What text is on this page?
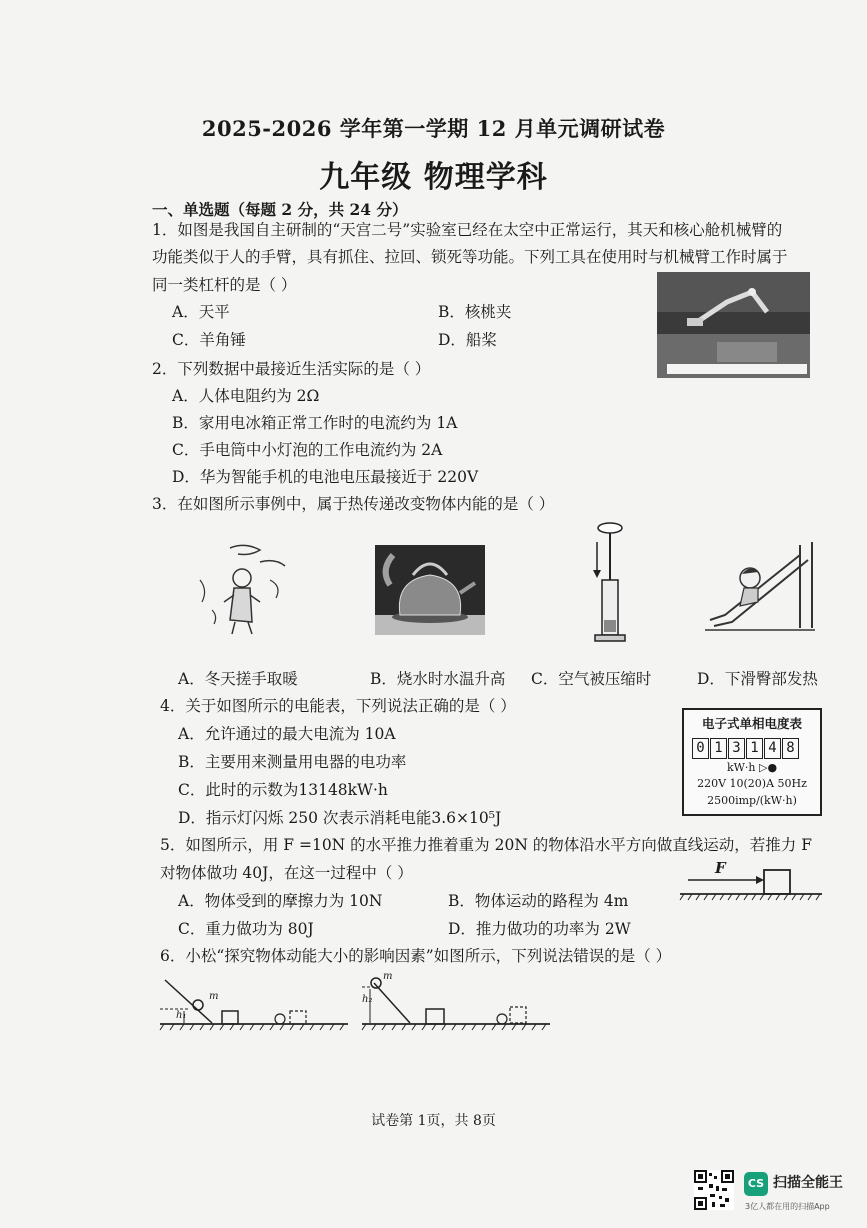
2025-2026 学年第一学期 12 月单元调研试卷
九年级 物理学科
一、单选题（每题 2 分，共 24 分）
1．如图是我国自主研制的“天宫二号”实验室已经在太空中正常运行，其天和核心舱机械臂的
功能类似于人的手臂，具有抓住、拉回、锁死等功能。下列工具在使用时与机械臂工作时属于
同一类杠杆的是（ ）
A．天平	B．核桃夹
C．羊角锤	D．船桨
2．下列数据中最接近生活实际的是（ ）
A．人体电阻约为 2Ω
B．家用电冰箱正常工作时的电流约为 1A
C．手电筒中小灯泡的工作电流约为 2A
D．华为智能手机的电池电压最接近于 220V
3．在如图所示事例中，属于热传递改变物体内能的是（ ）
A．冬天搓手取暖	B．烧水时水温升高 C．空气被压缩时	D．下滑臀部发热
4．关于如图所示的电能表，下列说法正确的是（ ）
A．允许通过的最大电流为 10A
B．主要用来测量用电器的电功率
C．此时的示数为13148kW·h
D．指示灯闪烁 250 次表示消耗电能3.6×10⁵J
电子式单相电度表
0 1 3 1 4 8
kW·h ▷●
220V 10(20)A 50Hz
2500imp/(kW·h)
5．如图所示，用 F =10N 的水平推力推着重为 20N 的物体沿水平方向做直线运动，若推力 F
对物体做功 40J，在这一过程中（ ）
A．物体受到的摩擦力为 10N	B．物体运动的路程为 4m
C．重力做功为 80J	D．推力做功的功率为 2W
F
6．小松“探究物体动能大小的影响因素”如图所示，下列说法错误的是（ ）
m
h₁
m
h₂
试卷第 1页，共 8页
CS 扫描全能王
3亿人都在用的扫描App
